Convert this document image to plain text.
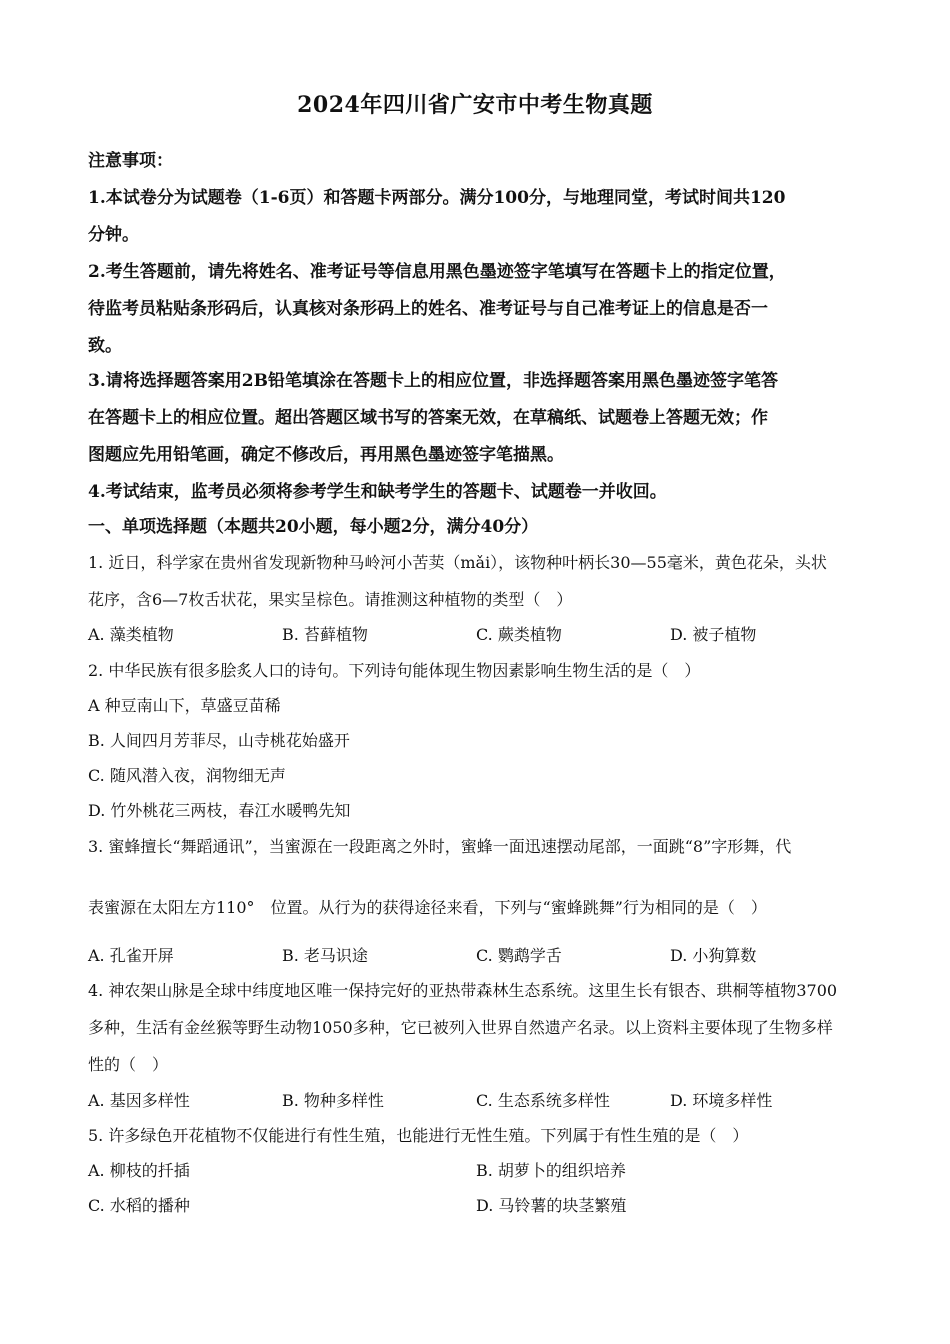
2024年四川省广安市中考生物真题
注意事项：
1.本试卷分为试题卷（1-6页）和答题卡两部分。满分100分，与地理同堂，考试时间共120
分钟。
2.考生答题前，请先将姓名、准考证号等信息用黑色墨迹签字笔填写在答题卡上的指定位置，
待监考员粘贴条形码后，认真核对条形码上的姓名、准考证号与自己准考证上的信息是否一
致。
3.请将选择题答案用2B铅笔填涂在答题卡上的相应位置，非选择题答案用黑色墨迹签字笔答
在答题卡上的相应位置。超出答题区域书写的答案无效，在草稿纸、试题卷上答题无效；作
图题应先用铅笔画，确定不修改后，再用黑色墨迹签字笔描黑。
4.考试结束，监考员必须将参考学生和缺考学生的答题卡、试题卷一并收回。
一、单项选择题（本题共20小题，每小题2分，满分40分）
1. 近日，科学家在贵州省发现新物种马岭河小苦荬（mǎi），该物种叶柄长30—55毫米，黄色花朵，头状
花序，含6—7枚舌状花，果实呈棕色。请推测这种植物的类型（　）
A. 藻类植物	B. 苔藓植物	C. 蕨类植物	D. 被子植物
2. 中华民族有很多脍炙人口的诗句。下列诗句能体现生物因素影响生物生活的是（　）
A 种豆南山下，草盛豆苗稀
B. 人间四月芳菲尽，山寺桃花始盛开
C. 随风潜入夜，润物细无声
D. 竹外桃花三两枝，春江水暖鸭先知
3. 蜜蜂擅长“舞蹈通讯”，当蜜源在一段距离之外时，蜜蜂一面迅速摆动尾部，一面跳“8”字形舞，代
表蜜源在太阳左方110°　位置。从行为的获得途径来看，下列与“蜜蜂跳舞”行为相同的是（　）
A. 孔雀开屏	B. 老马识途	C. 鹦鹉学舌	D. 小狗算数
4. 神农架山脉是全球中纬度地区唯一保持完好的亚热带森林生态系统。这里生长有银杏、珙桐等植物3700
多种，生活有金丝猴等野生动物1050多种，它已被列入世界自然遗产名录。以上资料主要体现了生物多样
性的（　）
A. 基因多样性	B. 物种多样性	C. 生态系统多样性	D. 环境多样性
5. 许多绿色开花植物不仅能进行有性生殖，也能进行无性生殖。下列属于有性生殖的是（　）
A. 柳枝的扦插	B. 胡萝卜的组织培养
C. 水稻的播种	D. 马铃薯的块茎繁殖
